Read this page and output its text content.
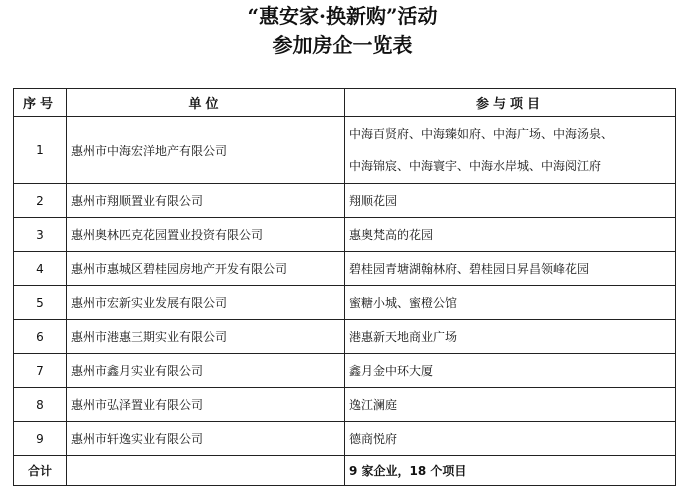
“惠安家·换新购”活动
参加房企一览表
序号	单位	参与项目
1	惠州市中海宏洋地产有限公司	中海百贤府、中海臻如府、中海广场、中海汤泉、
中海锦宸、中海寰宇、中海水岸城、中海阅江府

2	惠州市翔顺置业有限公司	翔顺花园
3	惠州奥林匹克花园置业投资有限公司	惠奥梵高的花园
4	惠州市惠城区碧桂园房地产开发有限公司	碧桂园青塘湖翰林府、碧桂园日昇昌领峰花园
5	惠州市宏新实业发展有限公司	蜜糖小城、蜜橙公馆
6	惠州市港惠三期实业有限公司	港惠新天地商业广场
7	惠州市鑫月实业有限公司	鑫月金中环大厦
8	惠州市弘泽置业有限公司	逸江澜庭
9	惠州市轩逸实业有限公司	德商悦府
合计		9 家企业，18 个项目
